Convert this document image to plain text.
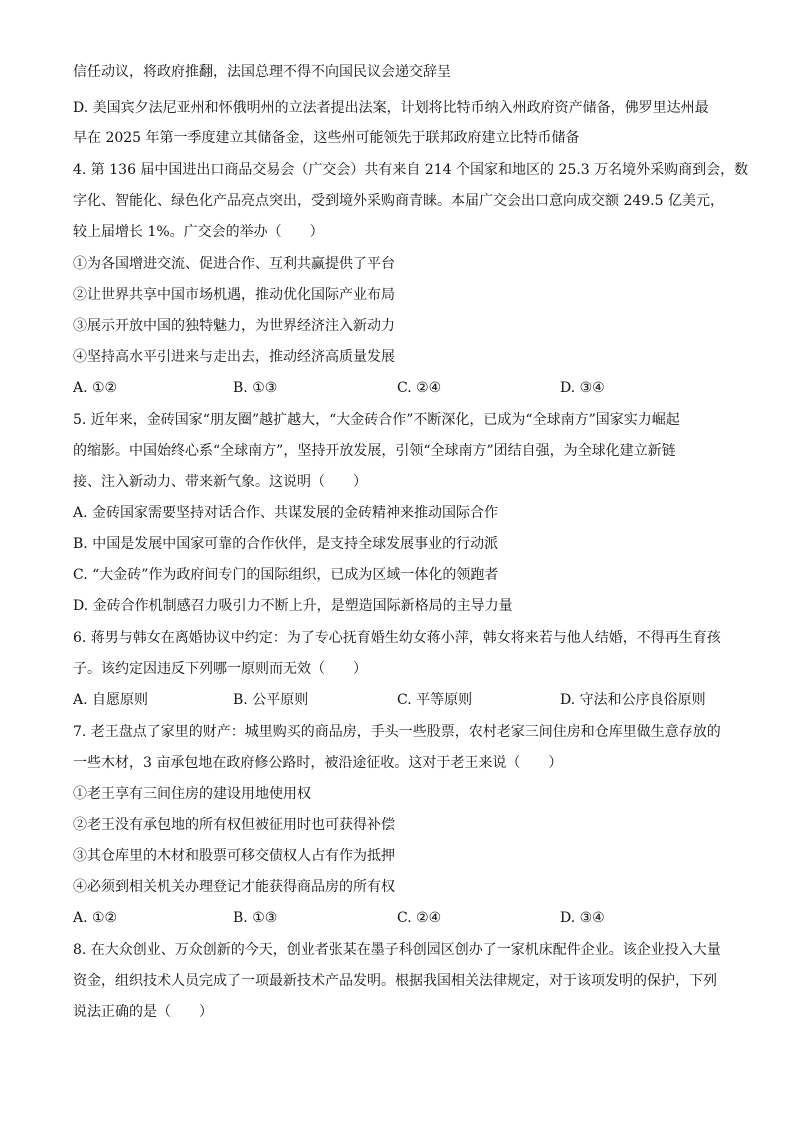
信任动议，将政府推翻，法国总理不得不向国民议会递交辞呈
D. 美国宾夕法尼亚州和怀俄明州的立法者提出法案，计划将比特币纳入州政府资产储备，佛罗里达州最
早在 2025 年第一季度建立其储备金，这些州可能领先于联邦政府建立比特币储备
4. 第 136 届中国进出口商品交易会（广交会）共有来自 214 个国家和地区的 25.3 万名境外采购商到会，数
字化、智能化、绿色化产品亮点突出，受到境外采购商青睐。本届广交会出口意向成交额 249.5 亿美元，
较上届增长 1%。广交会的举办（　　）
①为各国增进交流、促进合作、互利共赢提供了平台
②让世界共享中国市场机遇，推动优化国际产业布局
③展示开放中国的独特魅力，为世界经济注入新动力
④坚持高水平引进来与走出去，推动经济高质量发展
A. ①②	B. ①③	C. ②④	D. ③④
5. 近年来，金砖国家“朋友圈”越扩越大，“大金砖合作”不断深化，已成为“全球南方”国家实力崛起
的缩影。中国始终心系“全球南方”，坚持开放发展，引领“全球南方”团结自强，为全球化建立新链
接、注入新动力、带来新气象。这说明（　　）
A. 金砖国家需要坚持对话合作、共谋发展的金砖精神来推动国际合作
B. 中国是发展中国家可靠的合作伙伴，是支持全球发展事业的行动派
C. “大金砖”作为政府间专门的国际组织，已成为区域一体化的领跑者
D. 金砖合作机制感召力吸引力不断上升，是塑造国际新格局的主导力量
6. 蒋男与韩女在离婚协议中约定：为了专心抚育婚生幼女蒋小萍，韩女将来若与他人结婚，不得再生育孩
子。该约定因违反下列哪一原则而无效（　　）
A. 自愿原则	B. 公平原则	C. 平等原则	D. 守法和公序良俗原则
7. 老王盘点了家里的财产：城里购买的商品房，手头一些股票，农村老家三间住房和仓库里做生意存放的
一些木材，3 亩承包地在政府修公路时，被沿途征收。这对于老王来说（　　）
①老王享有三间住房的建设用地使用权
②老王没有承包地的所有权但被征用时也可获得补偿
③其仓库里的木材和股票可移交债权人占有作为抵押
④必须到相关机关办理登记才能获得商品房的所有权
A. ①②	B. ①③	C. ②④	D. ③④
8. 在大众创业、万众创新的今天，创业者张某在墨子科创园区创办了一家机床配件企业。该企业投入大量
资金，组织技术人员完成了一项最新技术产品发明。根据我国相关法律规定，对于该项发明的保护，下列
说法正确的是（　　）
